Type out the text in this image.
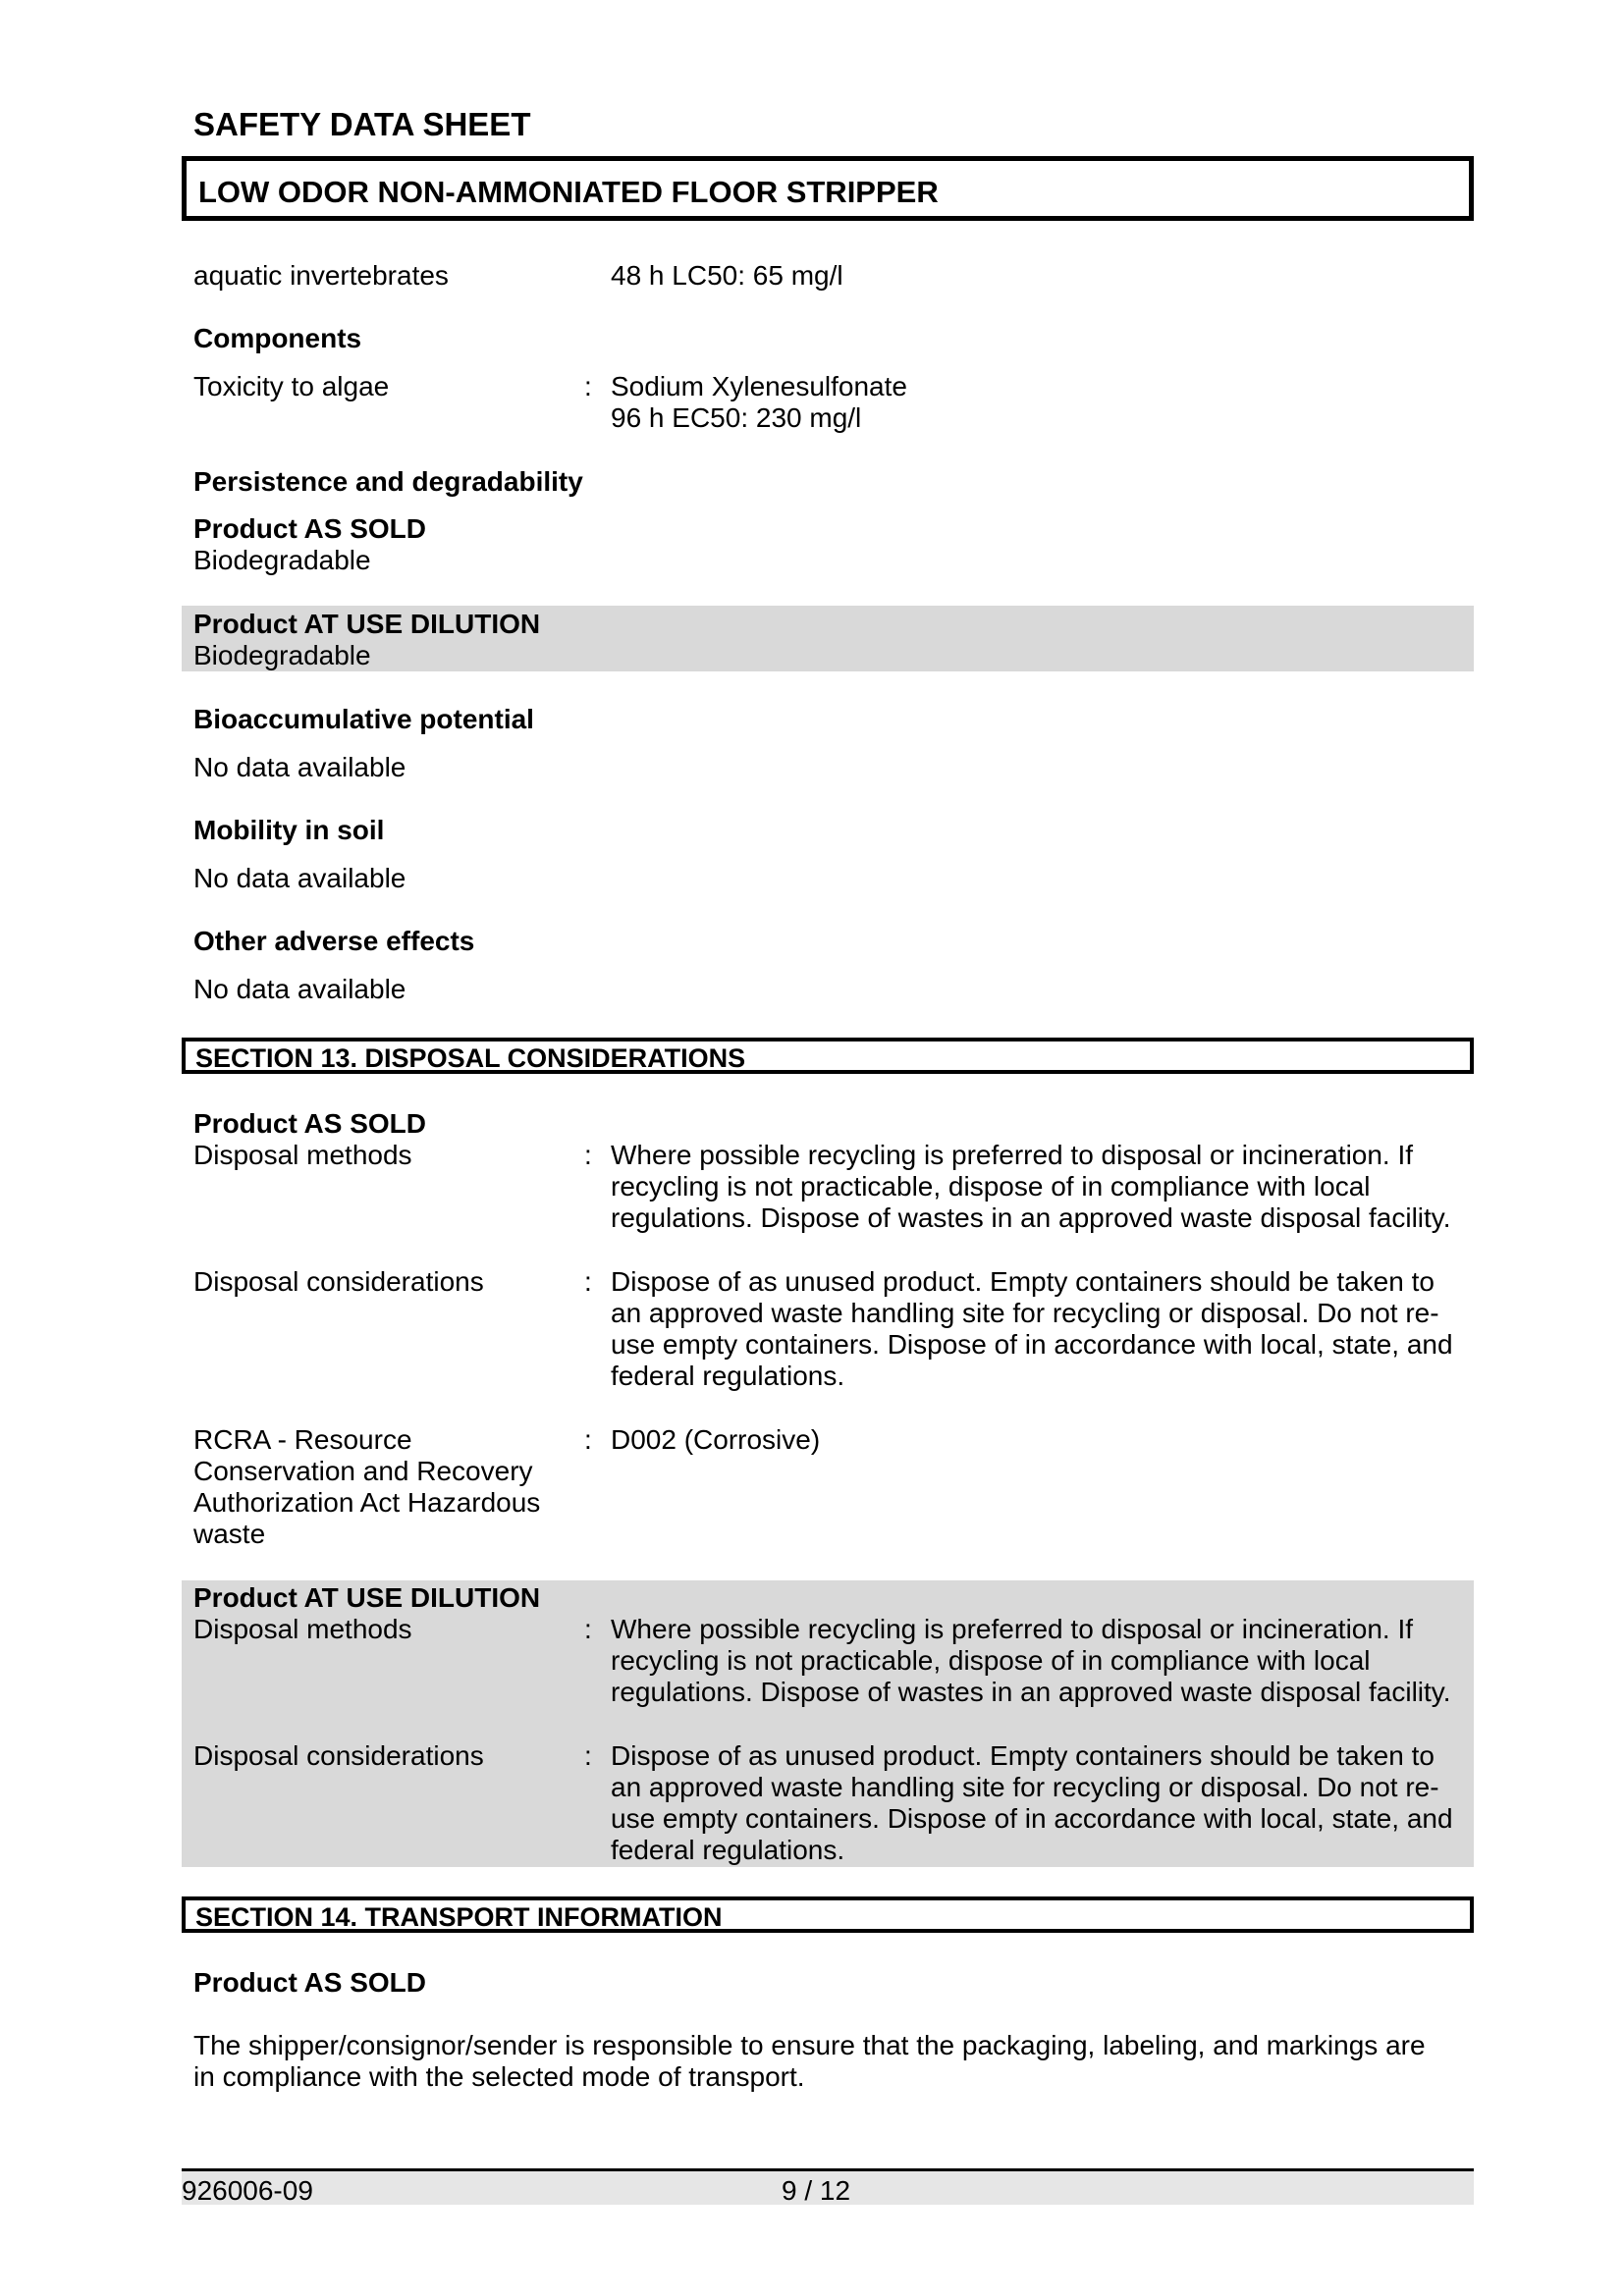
SAFETY DATA SHEET
LOW ODOR NON-AMMONIATED FLOOR STRIPPER
aquatic invertebrates	48 h LC50: 65 mg/l
Components
Toxicity to algae	: Sodium Xylenesulfonate
96 h EC50: 230 mg/l
Persistence and degradability
Product AS SOLD
Biodegradable
Product AT USE DILUTION
Biodegradable
Bioaccumulative potential
No data available
Mobility in soil
No data available
Other adverse effects
No data available
SECTION 13. DISPOSAL CONSIDERATIONS
Product AS SOLD
Disposal methods	: Where possible recycling is preferred to disposal or incineration. If
recycling is not practicable, dispose of in compliance with local
regulations. Dispose of wastes in an approved waste disposal facility.
Disposal considerations	: Dispose of as unused product. Empty containers should be taken to
an approved waste handling site for recycling or disposal. Do not re-
use empty containers. Dispose of in accordance with local, state, and
federal regulations.
RCRA - Resource
Conservation and Recovery
Authorization Act Hazardous
waste
: D002 (Corrosive)
Product AT USE DILUTION
Disposal methods	: Where possible recycling is preferred to disposal or incineration. If
recycling is not practicable, dispose of in compliance with local
regulations. Dispose of wastes in an approved waste disposal facility.
Disposal considerations	: Dispose of as unused product. Empty containers should be taken to
an approved waste handling site for recycling or disposal. Do not re-
use empty containers. Dispose of in accordance with local, state, and
federal regulations.
SECTION 14. TRANSPORT INFORMATION
Product AS SOLD
The shipper/consignor/sender is responsible to ensure that the packaging, labeling, and markings are
in compliance with the selected mode of transport.
926006-09	9 / 12
